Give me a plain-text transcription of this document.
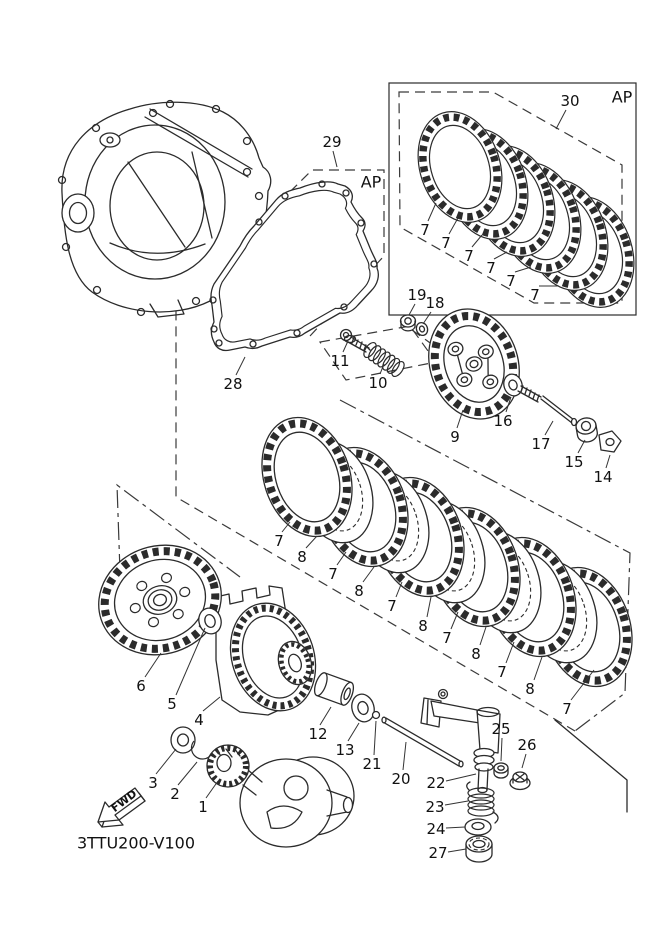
FWD
AP
AP
3TTU200-V100
30
7
7
7
7
7
7
29
28
11
10
19
18
9
16
17
15
14
7
8
7
8
7
8
7
8
7
8
7
6
5
4
3
2
1
12
13
21
20 22
23
24
27
25
26
